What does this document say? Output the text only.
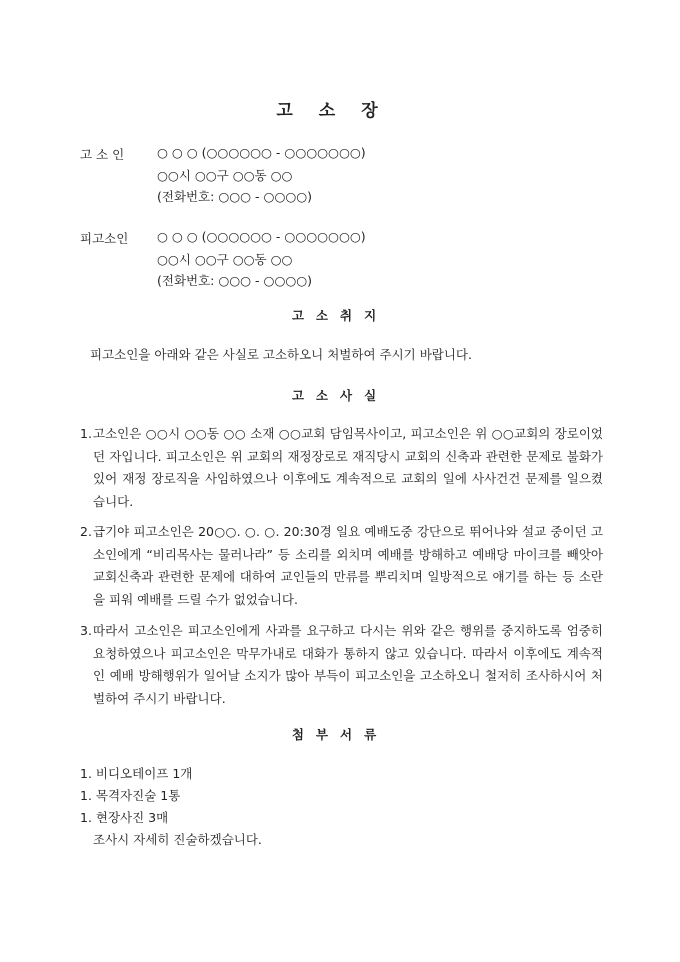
고소장
고 소 인	○ ○ ○ (○○○○○○ - ○○○○○○○)
○○시 ○○구 ○○동 ○○
(전화번호: ○○○ - ○○○○)
피고소인 ○ ○ ○ (○○○○○○ - ○○○○○○○)
○○시 ○○구 ○○동 ○○
(전화번호: ○○○ - ○○○○)
고소취지
피고소인을 아래와 같은 사실로 고소하오니 처벌하여 주시기 바랍니다.
고소사실
1. 고소인은 ○○시 ○○동 ○○ 소재 ○○교회 담임목사이고, 피고소인은 위 ○○교회의 장로이었던 자입니다. 피고소인은 위 교회의 재정장로로 재직당시 교회의 신축과 관련한 문제로 불화가 있어 재정 장로직을 사임하였으나 이후에도 계속적으로 교회의 일에 사사건건 문제를 일으켰습니다.
2. 급기야 피고소인은 20○○. ○. ○. 20:30경 일요 예배도중 강단으로 뛰어나와 설교 중이던 고소인에게 “비리목사는 물러나라” 등 소리를 외치며 예배를 방해하고 예배당 마이크를 빼앗아 교회신축과 관련한 문제에 대하여 교인들의 만류를 뿌리치며 일방적으로 얘기를 하는 등 소란을 피워 예배를 드릴 수가 없었습니다.
3. 따라서 고소인은 피고소인에게 사과를 요구하고 다시는 위와 같은 행위를 중지하도록 엄중히 요청하였으나 피고소인은 막무가내로 대화가 통하지 않고 있습니다. 따라서 이후에도 계속적인 예배 방해행위가 일어날 소지가 많아 부득이 피고소인을 고소하오니 철저히 조사하시어 처벌하여 주시기 바랍니다.
첨부서류
1. 비디오테이프 1개
1. 목격자진술 1통
1. 현장사진 3매
조사시 자세히 진술하겠습니다.
